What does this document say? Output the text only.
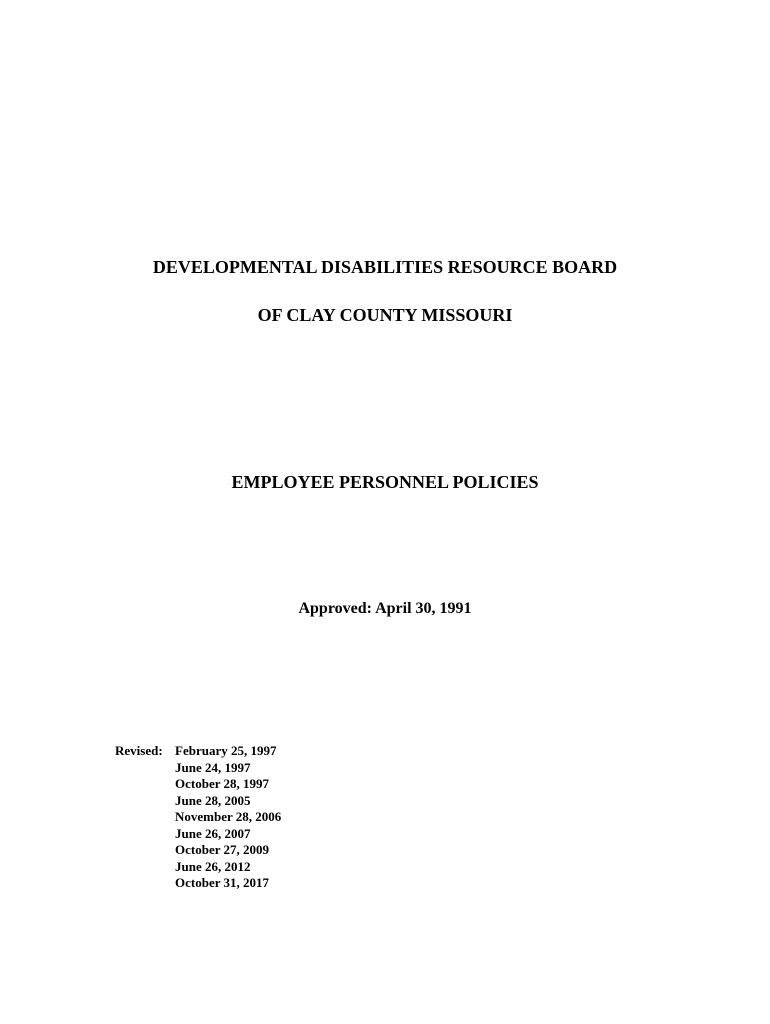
DEVELOPMENTAL DISABILITIES RESOURCE BOARD
OF CLAY COUNTY MISSOURI
EMPLOYEE PERSONNEL POLICIES
Approved: April 30, 1991
Revised: February 25, 1997
June 24, 1997
October 28, 1997
June 28, 2005
November 28, 2006
June 26, 2007
October 27, 2009
June 26, 2012
October 31, 2017
